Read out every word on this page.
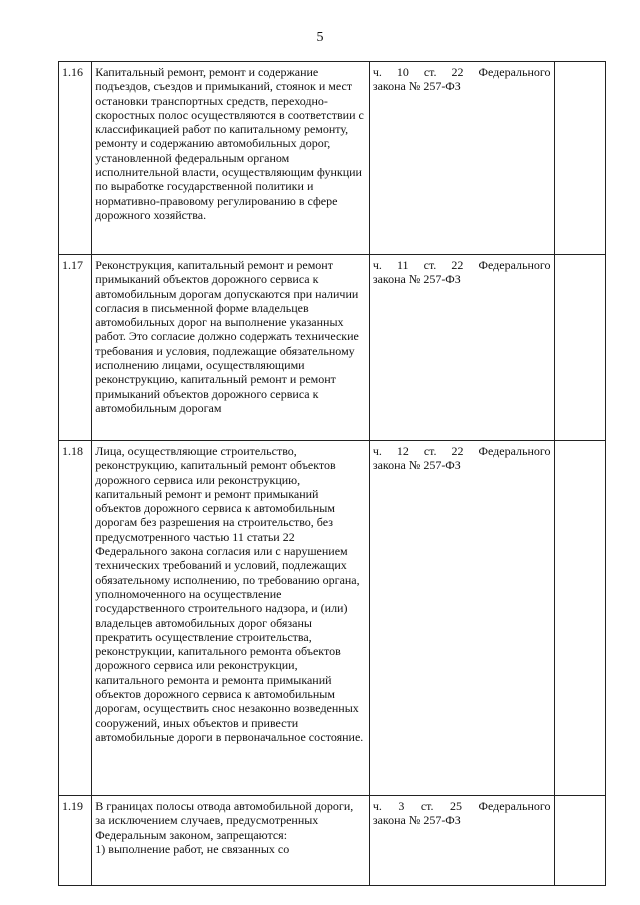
5
1.16	Капитальный ремонт, ремонт и содержание подъездов, съездов и примыканий, стоянок и мест остановки транспортных средств, переходно-скоростных полос осуществляются в соответствии с классификацией работ по капитальному ремонту, ремонту и содержанию автомобильных дорог, установленной федеральным органом исполнительной власти, осуществляющим функции по выработке государственной политики и нормативно-правовому регулированию в сфере дорожного хозяйства.	ч. 10 ст. 22 Федерального
закона № 257-ФЗ	

1.17	Реконструкция, капитальный ремонт и ремонт примыканий объектов дорожного сервиса к автомобильным дорогам допускаются при наличии согласия в письменной форме владельцев автомобильных дорог на выполнение указанных работ. Это согласие должно содержать технические требования и условия, подлежащие обязательному исполнению лицами, осуществляющими реконструкцию, капитальный ремонт и ремонт примыканий объектов дорожного сервиса к автомобильным дорогам	ч. 11 ст. 22 Федерального
закона № 257-ФЗ	

1.18	Лица, осуществляющие строительство, реконструкцию, капитальный ремонт объектов дорожного сервиса или реконструкцию, капитальный ремонт и ремонт примыканий объектов дорожного сервиса к автомобильным дорогам без разрешения на строительство, без предусмотренного частью 11 статьи 22 Федерального закона согласия или с нарушением технических требований и условий, подлежащих обязательному исполнению, по требованию органа, уполномоченного на осуществление государственного строительного надзора, и (или) владельцев автомобильных дорог обязаны прекратить осуществление строительства, реконструкции, капитального ремонта объектов дорожного сервиса или реконструкции, капитального ремонта и ремонта примыканий объектов дорожного сервиса к автомобильным дорогам, осуществить снос незаконно возведенных сооружений, иных объектов и привести автомобильные дороги в первоначальное состояние.	ч. 12 ст. 22 Федерального
закона № 257-ФЗ	

1.19	В границах полосы отвода автомобильной дороги, за исключением случаев, предусмотренных Федеральным законом, запрещаются:
1) выполнение работ, не связанных со	ч. 3 ст. 25 Федерального
закона № 257-ФЗ	
